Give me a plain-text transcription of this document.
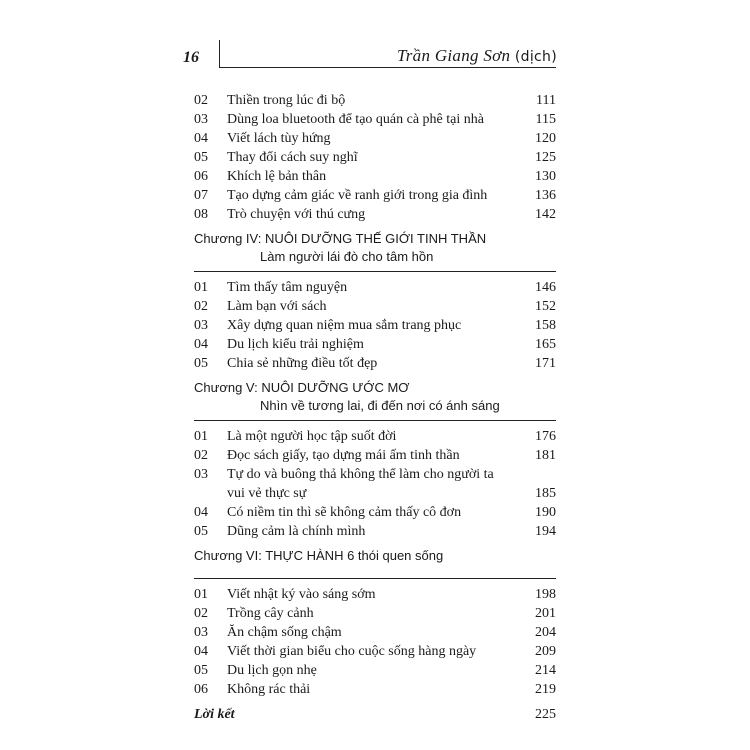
16	Trần Giang Sơn (dịch)
02	Thiền trong lúc đi bộ	111
03	Dùng loa bluetooth để tạo quán cà phê tại nhà	115
04	Viết lách tùy hứng	120
05	Thay đổi cách suy nghĩ	125
06	Khích lệ bản thân	130
07	Tạo dựng cảm giác về ranh giới trong gia đình	136
08	Trò chuyện với thú cưng	142
Chương IV: NUÔI DƯỠNG THẾ GIỚI TINH THẦN
Làm người lái đò cho tâm hồn
01	Tìm thấy tâm nguyện	146
02	Làm bạn với sách	152
03	Xây dựng quan niệm mua sắm trang phục	158
04	Du lịch kiểu trải nghiệm	165
05	Chia sẻ những điều tốt đẹp	171
Chương V: NUÔI DƯỠNG ƯỚC MƠ
Nhìn về tương lai, đi đến nơi có ánh sáng
01	Là một người học tập suốt đời	176
02	Đọc sách giấy, tạo dựng mái ấm tinh thần	181
03	Tự do và buông thả không thể làm cho người ta
vui vẻ thực sự	185
04	Có niềm tin thì sẽ không cảm thấy cô đơn	190
05	Dũng cảm là chính mình	194
Chương VI: THỰC HÀNH 6 thói quen sống
01	Viết nhật ký vào sáng sớm	198
02	Trồng cây cảnh	201
03	Ăn chậm sống chậm	204
04	Viết thời gian biểu cho cuộc sống hàng ngày	209
05	Du lịch gọn nhẹ	214
06	Không rác thải	219
Lời kết	225
